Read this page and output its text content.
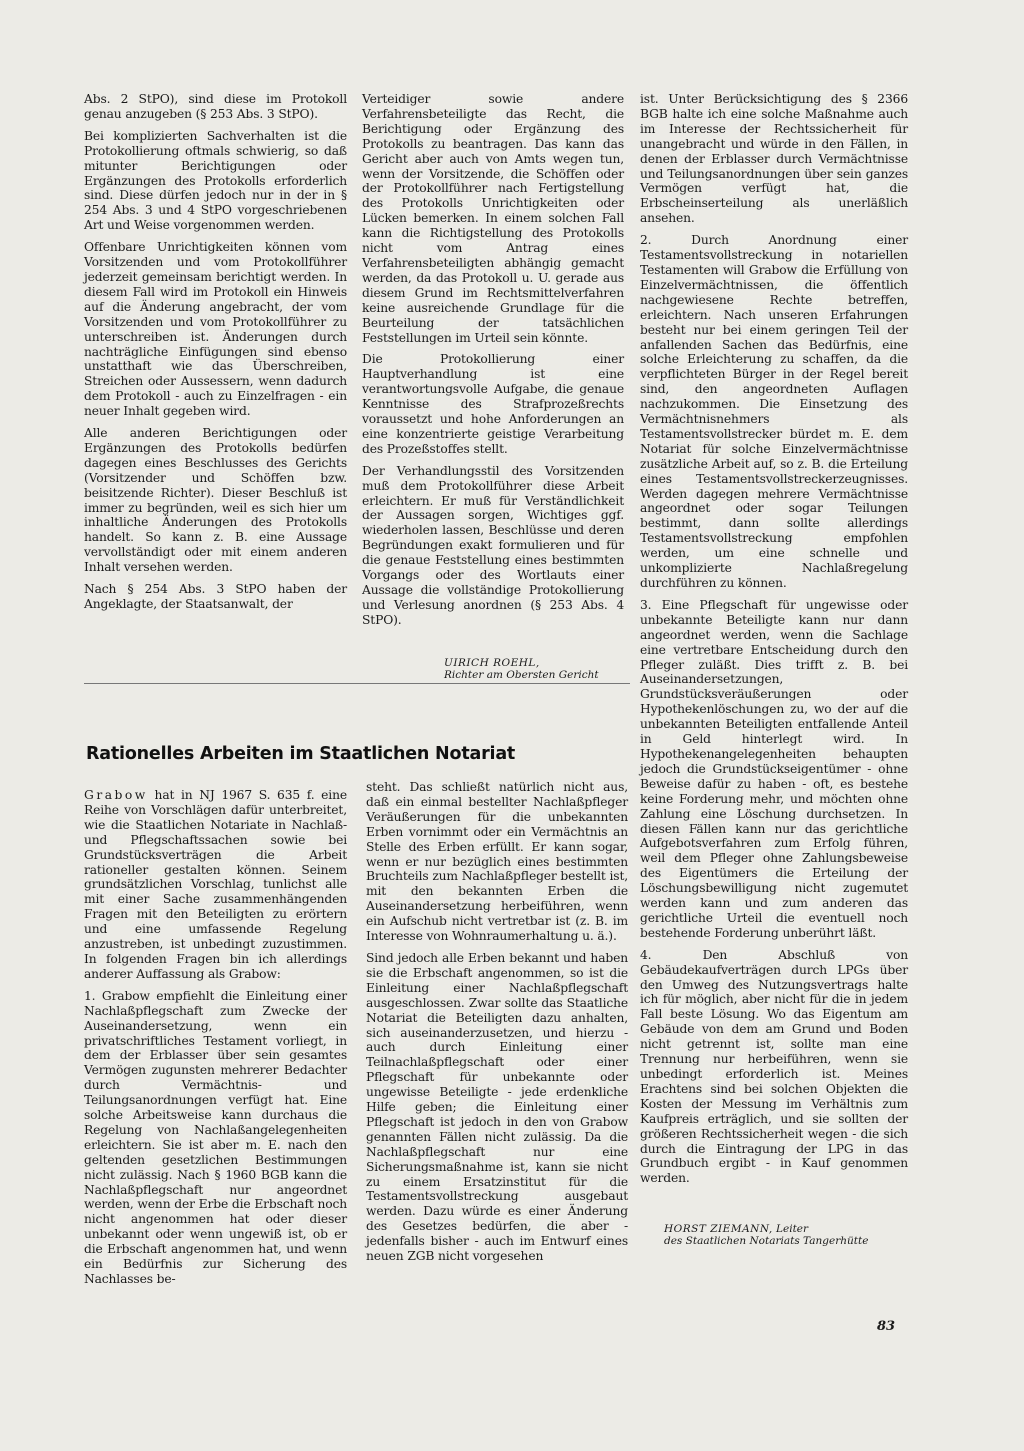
Abs. 2 StPO), sind diese im Protokoll genau anzugeben (§ 253 Abs. 3 StPO).

Bei komplizierten Sachverhalten ist die Protokollierung oftmals schwierig, so daß mitunter Berichtigungen oder Ergänzungen des Protokolls erforderlich sind. Diese dürfen jedoch nur in der in § 254 Abs. 3 und 4 StPO vorgeschriebenen Art und Weise vorgenommen werden.

Offenbare Unrichtigkeiten können vom Vorsitzenden und vom Protokollführer jederzeit gemeinsam berichtigt werden. In diesem Fall wird im Protokoll ein Hinweis auf die Änderung angebracht, der vom Vorsitzenden und vom Protokollführer zu unterschreiben ist. Änderungen durch nachträgliche Einfügungen sind ebenso unstatthaft wie das Überschreiben, Streichen oder Aussessern, wenn dadurch dem Protokoll - auch zu Einzelfragen - ein neuer Inhalt gegeben wird.

Alle anderen Berichtigungen oder Ergänzungen des Protokolls bedürfen dagegen eines Beschlusses des Gerichts (Vorsitzender und Schöffen bzw. beisitzende Richter). Dieser Beschluß ist immer zu begründen, weil es sich hier um inhaltliche Änderungen des Protokolls handelt. So kann z. B. eine Aussage vervollständigt oder mit einem anderen Inhalt versehen werden.

Nach § 254 Abs. 3 StPO haben der Angeklagte, der Staatsanwalt, der

Verteidiger sowie andere Verfahrensbeteiligte das Recht, die Berichtigung oder Ergänzung des Protokolls zu beantragen. Das kann das Gericht aber auch von Amts wegen tun, wenn der Vorsitzende, die Schöffen oder der Protokollführer nach Fertigstellung des Protokolls Unrichtigkeiten oder Lücken bemerken. In einem solchen Fall kann die Richtigstellung des Protokolls nicht vom Antrag eines Verfahrensbeteiligten abhängig gemacht werden, da das Protokoll u. U. gerade aus diesem Grund im Rechtsmittelverfahren keine ausreichende Grundlage für die Beurteilung der tatsächlichen Feststellungen im Urteil sein könnte.

Die Protokollierung einer Hauptverhandlung ist eine verantwortungsvolle Aufgabe, die genaue Kenntnisse des Strafprozeßrechts voraussetzt und hohe Anforderungen an eine konzentrierte geistige Verarbeitung des Prozeßstoffes stellt.

Der Verhandlungsstil des Vorsitzenden muß dem Protokollführer diese Arbeit erleichtern. Er muß für Verständlichkeit der Aussagen sorgen, Wichtiges ggf. wiederholen lassen, Beschlüsse und deren Begründungen exakt formulieren und für die genaue Feststellung eines bestimmten Vorgangs oder des Wortlauts einer Aussage die vollständige Protokollierung und Verlesung anordnen (§ 253 Abs. 4 StPO).

UIRICH ROEHL,
Richter am Obersten Gericht
Rationelles Arbeiten im Staatlichen Notariat

Grabow hat in NJ 1967 S. 635 f. eine Reihe von Vorschlägen dafür unterbreitet, wie die Staatlichen Notariate in Nachlaß- und Pflegschaftssachen sowie bei Grundstücksverträgen die Arbeit rationeller gestalten können. Seinem grundsätzlichen Vorschlag, tunlichst alle mit einer Sache zusammenhängenden Fragen mit den Beteiligten zu erörtern und eine umfassende Regelung anzustreben, ist unbedingt zuzustimmen. In folgenden Fragen bin ich allerdings anderer Auffassung als Grabow:

1. Grabow empfiehlt die Einleitung einer Nachlaßpflegschaft zum Zwecke der Auseinandersetzung, wenn ein privatschriftliches Testament vorliegt, in dem der Erblasser über sein gesamtes Vermögen zugunsten mehrerer Bedachter durch Vermächtnis- und Teilungsanordnungen verfügt hat. Eine solche Arbeitsweise kann durchaus die Regelung von Nachlaßangelegenheiten erleichtern. Sie ist aber m. E. nach den geltenden gesetzlichen Bestimmungen nicht zulässig. Nach § 1960 BGB kann die Nachlaßpflegschaft nur angeordnet werden, wenn der Erbe die Erbschaft noch nicht angenommen hat oder dieser unbekannt oder wenn ungewiß ist, ob er die Erbschaft angenommen hat, und wenn ein Bedürfnis zur Sicherung des Nachlasses be-

steht. Das schließt natürlich nicht aus, daß ein einmal bestellter Nachlaßpfleger Veräußerungen für die unbekannten Erben vornimmt oder ein Vermächtnis an Stelle des Erben erfüllt. Er kann sogar, wenn er nur bezüglich eines bestimmten Bruchteils zum Nachlaßpfleger bestellt ist, mit den bekannten Erben die Auseinandersetzung herbeiführen, wenn ein Aufschub nicht vertretbar ist (z. B. im Interesse von Wohnraumerhaltung u. ä.).

Sind jedoch alle Erben bekannt und haben sie die Erbschaft angenommen, so ist die Einleitung einer Nachlaßpflegschaft ausgeschlossen. Zwar sollte das Staatliche Notariat die Beteiligten dazu anhalten, sich auseinanderzusetzen, und hierzu - auch durch Einleitung einer Teilnachlaßpflegschaft oder einer Pflegschaft für unbekannte oder ungewisse Beteiligte - jede erdenkliche Hilfe geben; die Einleitung einer Pflegschaft ist jedoch in den von Grabow genannten Fällen nicht zulässig. Da die Nachlaßpflegschaft nur eine Sicherungsmaßnahme ist, kann sie nicht zu einem Ersatzinstitut für die Testamentsvollstreckung ausgebaut werden. Dazu würde es einer Änderung des Gesetzes bedürfen, die aber - jedenfalls bisher - auch im Entwurf eines neuen ZGB nicht vorgesehen

ist. Unter Berücksichtigung des § 2366 BGB halte ich eine solche Maßnahme auch im Interesse der Rechtssicherheit für unangebracht und würde in den Fällen, in denen der Erblasser durch Vermächtnisse und Teilungsanordnungen über sein ganzes Vermögen verfügt hat, die Erbscheinserteilung als unerläßlich ansehen.

2. Durch Anordnung einer Testamentsvollstreckung in notariellen Testamenten will Grabow die Erfüllung von Einzelvermächtnissen, die öffentlich nachgewiesene Rechte betreffen, erleichtern. Nach unseren Erfahrungen besteht nur bei einem geringen Teil der anfallenden Sachen das Bedürfnis, eine solche Erleichterung zu schaffen, da die verpflichteten Bürger in der Regel bereit sind, den angeordneten Auflagen nachzukommen. Die Einsetzung des Vermächtnisnehmers als Testamentsvollstrecker bürdet m. E. dem Notariat für solche Einzelvermächtnisse zusätzliche Arbeit auf, so z. B. die Erteilung eines Testamentsvollstreckerzeugnisses. Werden dagegen mehrere Vermächtnisse angeordnet oder sogar Teilungen bestimmt, dann sollte allerdings Testamentsvollstreckung empfohlen werden, um eine schnelle und unkomplizierte Nachlaßregelung durchführen zu können.

3. Eine Pflegschaft für ungewisse oder unbekannte Beteiligte kann nur dann angeordnet werden, wenn die Sachlage eine vertretbare Entscheidung durch den Pfleger zuläßt. Dies trifft z. B. bei Auseinandersetzungen, Grundstücksveräußerungen oder Hypothekenlöschungen zu, wo der auf die unbekannten Beteiligten entfallende Anteil in Geld hinterlegt wird. In Hypothekenangelegenheiten behaupten jedoch die Grundstückseigentümer - ohne Beweise dafür zu haben - oft, es bestehe keine Forderung mehr, und möchten ohne Zahlung eine Löschung durchsetzen. In diesen Fällen kann nur das gerichtliche Aufgebotsverfahren zum Erfolg führen, weil dem Pfleger ohne Zahlungsbeweise des Eigentümers die Erteilung der Löschungsbewilligung nicht zugemutet werden kann und zum anderen das gerichtliche Urteil die eventuell noch bestehende Forderung unberührt läßt.

4. Den Abschluß von Gebäudekaufverträgen durch LPGs über den Umweg des Nutzungsvertrags halte ich für möglich, aber nicht für die in jedem Fall beste Lösung. Wo das Eigentum am Gebäude von dem am Grund und Boden nicht getrennt ist, sollte man eine Trennung nur herbeiführen, wenn sie unbedingt erforderlich ist. Meines Erachtens sind bei solchen Objekten die Kosten der Messung im Verhältnis zum Kaufpreis erträglich, und sie sollten der größeren Rechtssicherheit wegen - die sich durch die Eintragung der LPG in das Grundbuch ergibt - in Kauf genommen werden.

HORST ZIEMANN, Leiter
des Staatlichen Notariats Tangerhütte
83
